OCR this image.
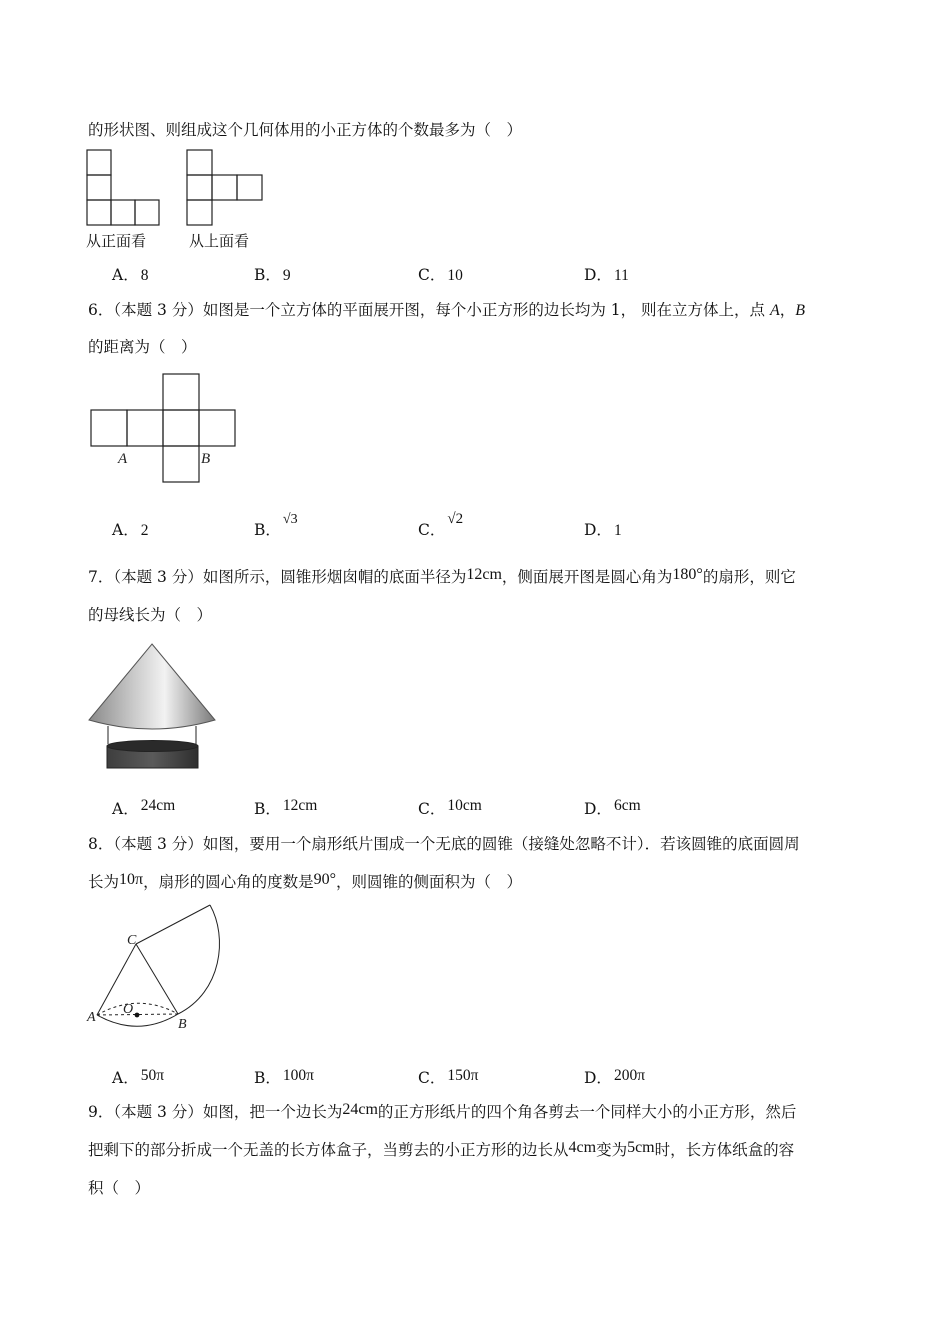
的形状图、则组成这个几何体用的小正方体的个数最多为（　）
从正面看	从上面看
A． 8	B． 9	C． 10	D． 11
6．（本题 3 分）如图是一个立方体的平面展开图，每个小正方形的边长均为 1， 则在立方体上，点 A，B
的距离为（　）
A	B
A． 2	B．√3
C．√2
D． 1
7．（本题 3 分）如图所示，圆锥形烟囱帽的底面半径为12cm，侧面展开图是圆心角为180°的扇形，则它
的母线长为（　）
A． 24cm	B． 12cm	C． 10cm	D． 6cm
8．（本题 3 分）如图，要用一个扇形纸片围成一个无底的圆锥（接缝处忽略不计）．若该圆锥的底面圆周
长为10π，扇形的圆心角的度数是90°，则圆锥的侧面积为（　）
C
O
A	B
A． 50π	B． 100π	C． 150π	D． 200π
9．（本题 3 分）如图，把一个边长为24cm的正方形纸片的四个角各剪去一个同样大小的小正方形，然后
把剩下的部分折成一个无盖的长方体盒子，当剪去的小正方形的边长从4cm变为5cm时，长方体纸盒的容
积（　）
